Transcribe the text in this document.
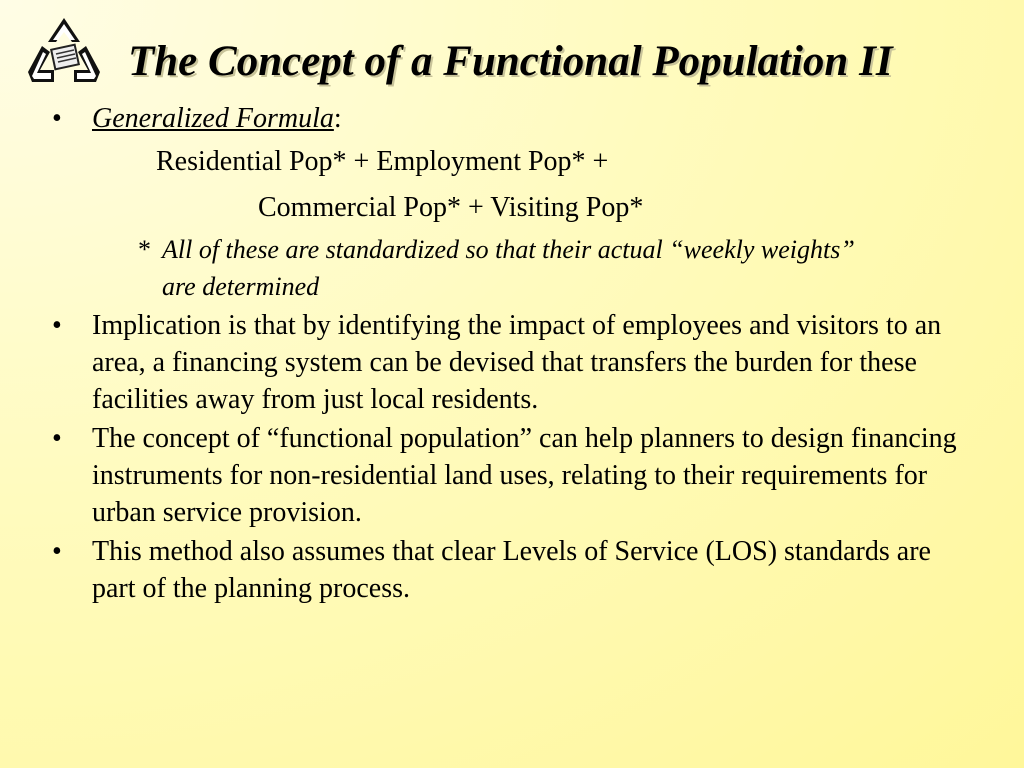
The Concept of a Functional Population II
• Generalized Formula:
Residential Pop* + Employment Pop* +
Commercial Pop* + Visiting Pop*
* All of these are standardized so that their actual “weekly weights” are determined
• Implication is that by identifying the impact of employees and visitors to an area, a financing system can be devised that transfers the burden for these facilities away from just local residents.
• The concept of “functional population” can help planners to design financing instruments for non-residential land uses, relating to their requirements for urban service provision.
• This method also assumes that clear Levels of Service (LOS) standards are part of the planning process.
